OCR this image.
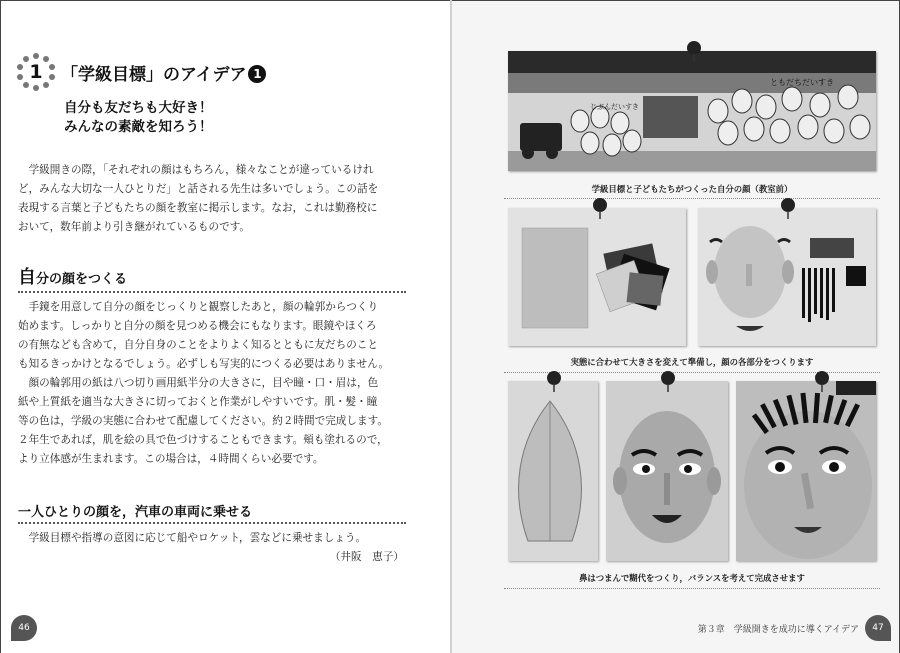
1	「学級目標」のアイデア 1
自分も友だちも大好き！
みんなの素敵を知ろう！

学級開きの際，「それぞれの顔はもちろん，様々なことが違っているけれ

ど，みんな大切な一人ひとりだ」と話される先生は多いでしょう。この話を

表現する言葉と子どもたちの顔を教室に掲示します。なお，これは勤務校に

おいて，数年前より引き継がれているものです。

自分の顔をつくる

手鏡を用意して自分の顔をじっくりと観察したあと，顔の輪郭からつくり

始めます。しっかりと自分の顔を見つめる機会にもなります。眼鏡やほくろ

の有無なども含めて，自分自身のことをよりよく知るとともに友だちのこと

も知るきっかけとなるでしょう。必ずしも写実的につくる必要はありません。

顔の輪郭用の紙は八つ切り画用紙半分の大きさに，目や瞳・口・眉は，色

紙や上質紙を適当な大きさに切っておくと作業がしやすいです。肌・髪・瞳

等の色は，学級の実態に合わせて配慮してください。約２時間で完成します。

２年生であれば，肌を絵の具で色づけすることもできます。頬も塗れるので，

より立体感が生まれます。この場合は，４時間くらい必要です。

一人ひとりの顔を，汽車の車両に乗せる

学級目標や指導の意図に応じて船やロケット，雲などに乗せましょう。

（井阪　恵子）
46
じぶんだいすき
ともだちだいすき
学級目標と子どもたちがつくった自分の顔（教室前）
実態に合わせて大きさを変えて準備し，顔の各部分をつくります
鼻はつまんで糊代をつくり，バランスを考えて完成させます
第３章　学級開きを成功に導くアイデア	47
